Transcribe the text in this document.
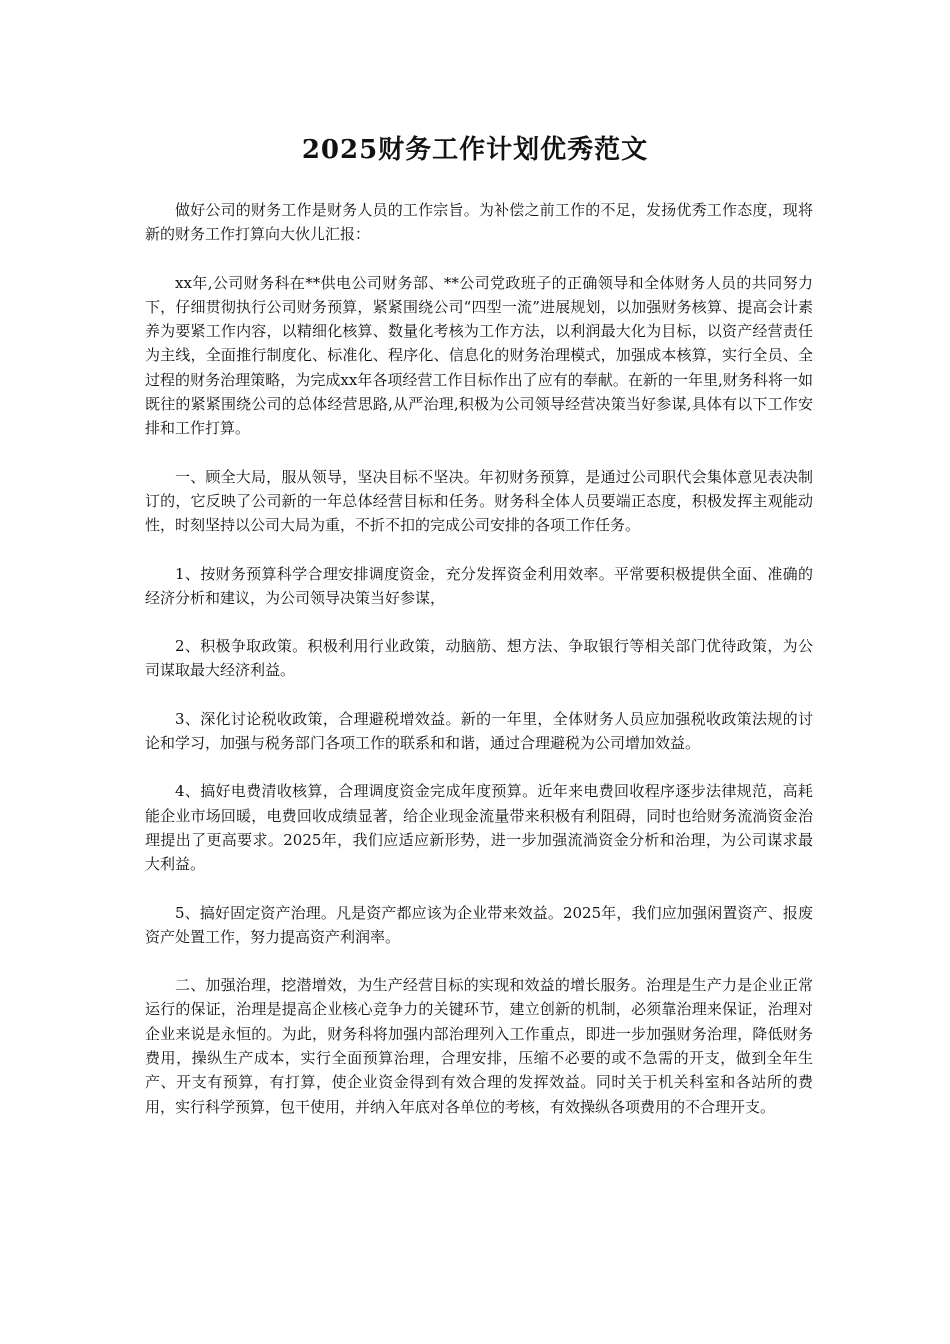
2025财务工作计划优秀范文

做好公司的财务工作是财务人员的工作宗旨。为补偿之前工作的不足，发扬优秀工作态度，现将新的财务工作打算向大伙儿汇报：

xx年,公司财务科在**供电公司财务部、**公司党政班子的正确领导和全体财务人员的共同努力下，仔细贯彻执行公司财务预算，紧紧围绕公司“四型一流”进展规划，以加强财务核算、提高会计素养为要紧工作内容，以精细化核算、数量化考核为工作方法，以利润最大化为目标，以资产经营责任为主线，全面推行制度化、标准化、程序化、信息化的财务治理模式，加强成本核算，实行全员、全过程的财务治理策略，为完成xx年各项经营工作目标作出了应有的奉献。在新的一年里,财务科将一如既往的紧紧围绕公司的总体经营思路,从严治理,积极为公司领导经营决策当好参谋,具体有以下工作安排和工作打算。

一、顾全大局，服从领导，坚决目标不坚决。年初财务预算，是通过公司职代会集体意见表决制订的，它反映了公司新的一年总体经营目标和任务。财务科全体人员要端正态度，积极发挥主观能动性，时刻坚持以公司大局为重，不折不扣的完成公司安排的各项工作任务。

1、按财务预算科学合理安排调度资金，充分发挥资金利用效率。平常要积极提供全面、准确的经济分析和建议，为公司领导决策当好参谋，

2、积极争取政策。积极利用行业政策，动脑筋、想方法、争取银行等相关部门优待政策，为公司谋取最大经济利益。

3、深化讨论税收政策，合理避税增效益。新的一年里，全体财务人员应加强税收政策法规的讨论和学习，加强与税务部门各项工作的联系和和谐，通过合理避税为公司增加效益。

4、搞好电费清收核算，合理调度资金完成年度预算。近年来电费回收程序逐步法律规范，高耗能企业市场回暖，电费回收成绩显著，给企业现金流量带来积极有利阻碍，同时也给财务流淌资金治理提出了更高要求。2025年，我们应适应新形势，进一步加强流淌资金分析和治理，为公司谋求最大利益。

5、搞好固定资产治理。凡是资产都应该为企业带来效益。2025年，我们应加强闲置资产、报废资产处置工作，努力提高资产利润率。

二、加强治理，挖潜增效，为生产经营目标的实现和效益的增长服务。治理是生产力是企业正常运行的保证，治理是提高企业核心竞争力的关键环节，建立创新的机制，必须靠治理来保证，治理对企业来说是永恒的。为此，财务科将加强内部治理列入工作重点，即进一步加强财务治理，降低财务费用，操纵生产成本，实行全面预算治理，合理安排，压缩不必要的或不急需的开支，做到全年生产、开支有预算，有打算，使企业资金得到有效合理的发挥效益。同时关于机关科室和各站所的费用，实行科学预算，包干使用，并纳入年底对各单位的考核，有效操纵各项费用的不合理开支。
